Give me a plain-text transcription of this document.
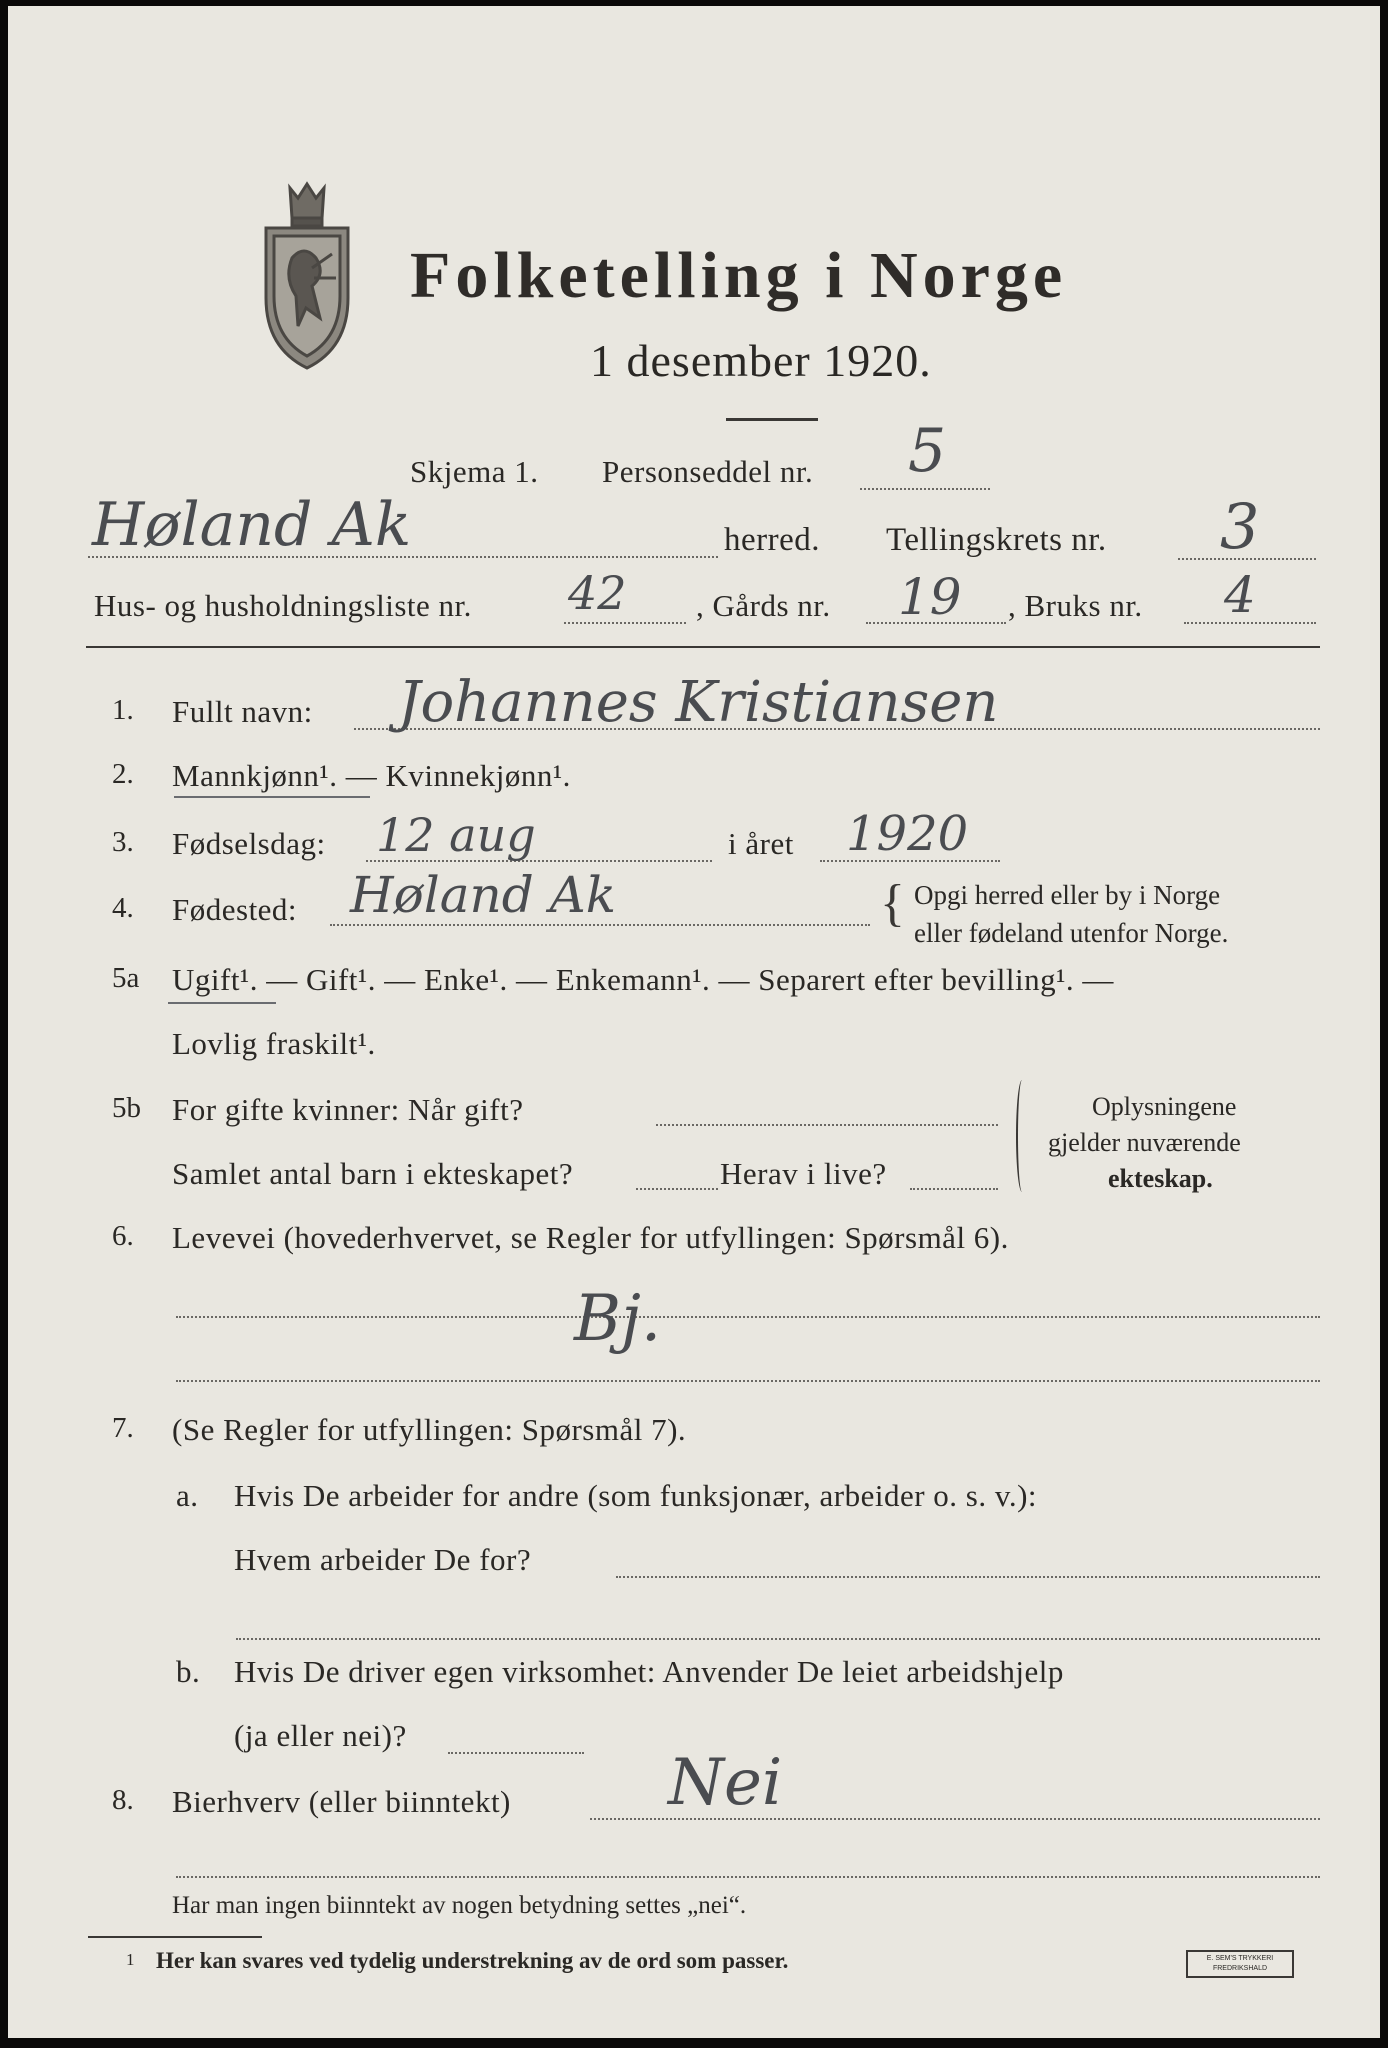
Folketelling i Norge
1 desember 1920.
Skjema 1. Personseddel nr. 5
Høland Ak	herred. Tellingskrets nr. 3
Hus- og husholdningsliste nr. 42 , Gårds nr. 19 , Bruks nr. 4
1. Fullt navn: Johannes Kristiansen
2. Mannkjønn¹. — Kvinnekjønn¹.
3. Fødselsdag: 12 aug	i året 1920
4. Fødested: Høland Ak	{ Opgi herred eller by i Norge
eller fødeland utenfor Norge.
5a Ugift¹. — Gift¹. — Enke¹. — Enkemann¹. — Separert efter bevilling¹. —
Lovlig fraskilt¹.
5b For gifte kvinner: Når gift?
Samlet antal barn i ekteskapet?	Herav i live?
Oplysningene
gjelder nuværende
ekteskap.
6. Levevei (hovederhvervet, se Regler for utfyllingen: Spørsmål 6).
Bj.
7. (Se Regler for utfyllingen: Spørsmål 7).
a. Hvis De arbeider for andre (som funksjonær, arbeider o. s. v.):
Hvem arbeider De for?
b. Hvis De driver egen virksomhet: Anvender De leiet arbeidshjelp
(ja eller nei)?
8. Bierhverv (eller biinntekt) Nei
Har man ingen biinntekt av nogen betydning settes „nei“.
1 Her kan svares ved tydelig understrekning av de ord som passer.	E. SEM'S TRYKKERI
FREDRIKSHALD
